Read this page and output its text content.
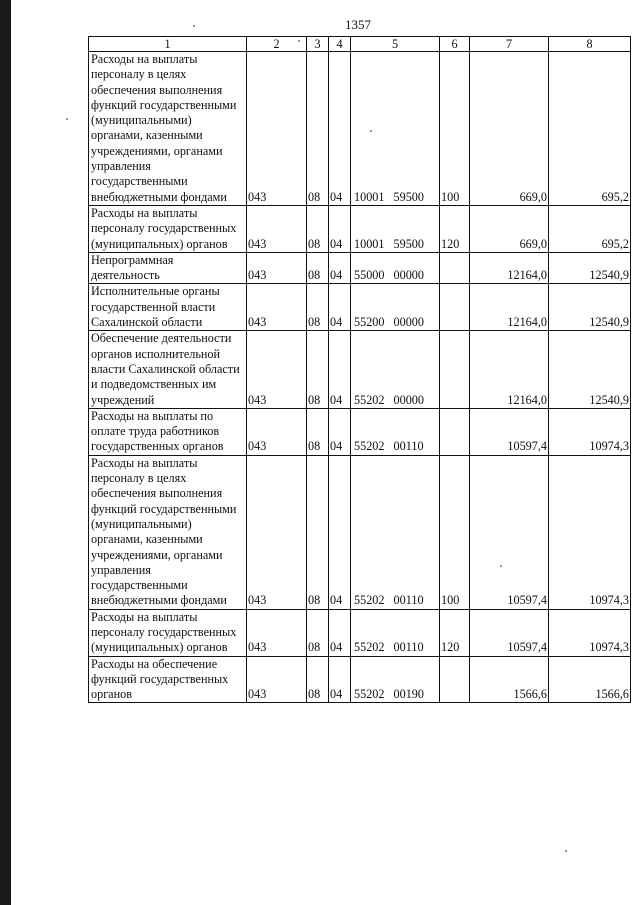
1357
1	2	3	4	5	6	7	8
Расходы на выплаты персоналу в целях обеспечения выполнения функций государственными (муниципальными) органами, казенными учреждениями, органами управления государственными внебюджетными фондами	043	08	04	10001 59500	100	669,0	695,2
Расходы на выплаты персоналу государственных (муниципальных) органов	043	08	04	10001 59500	120	669,0	695,2
Непрограммная деятельность	043	08	04	55000 00000		12164,0	12540,9
Исполнительные органы государственной власти Сахалинской области	043	08	04	55200 00000		12164,0	12540,9
Обеспечение деятельности органов исполнительной власти Сахалинской области и подведомственных им учреждений	043	08	04	55202 00000		12164,0	12540,9
Расходы на выплаты по оплате труда работников государственных органов	043	08	04	55202 00110		10597,4	10974,3
Расходы на выплаты персоналу в целях обеспечения выполнения функций государственными (муниципальными) органами, казенными учреждениями, органами управления государственными внебюджетными фондами	043	08	04	55202 00110	100	10597,4	10974,3
Расходы на выплаты персоналу государственных (муниципальных) органов	043	08	04	55202 00110	120	10597,4	10974,3
Расходы на обеспечение функций государственных органов	043	08	04	55202 00190		1566,6	1566,6
